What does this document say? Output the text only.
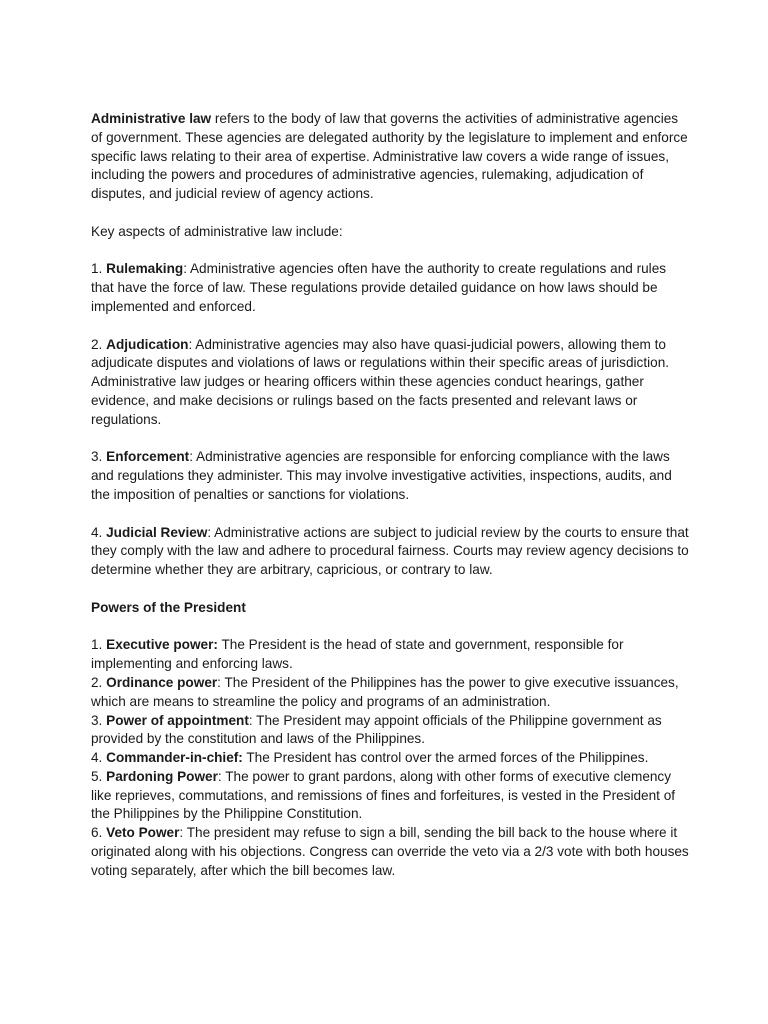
Administrative law refers to the body of law that governs the activities of administrative agencies of government. These agencies are delegated authority by the legislature to implement and enforce specific laws relating to their area of expertise. Administrative law covers a wide range of issues, including the powers and procedures of administrative agencies, rulemaking, adjudication of disputes, and judicial review of agency actions.

Key aspects of administrative law include:

1. Rulemaking: Administrative agencies often have the authority to create regulations and rules that have the force of law. These regulations provide detailed guidance on how laws should be implemented and enforced.

2. Adjudication: Administrative agencies may also have quasi-judicial powers, allowing them to adjudicate disputes and violations of laws or regulations within their specific areas of jurisdiction. Administrative law judges or hearing officers within these agencies conduct hearings, gather evidence, and make decisions or rulings based on the facts presented and relevant laws or regulations.

3. Enforcement: Administrative agencies are responsible for enforcing compliance with the laws and regulations they administer. This may involve investigative activities, inspections, audits, and the imposition of penalties or sanctions for violations.

4. Judicial Review: Administrative actions are subject to judicial review by the courts to ensure that they comply with the law and adhere to procedural fairness. Courts may review agency decisions to determine whether they are arbitrary, capricious, or contrary to law.

Powers of the President

1. Executive power: The President is the head of state and government, responsible for implementing and enforcing laws.

2. Ordinance power: The President of the Philippines has the power to give executive issuances, which are means to streamline the policy and programs of an administration.

3. Power of appointment: The President may appoint officials of the Philippine government as provided by the constitution and laws of the Philippines.

4. Commander-in-chief: The President has control over the armed forces of the Philippines.

5. Pardoning Power: The power to grant pardons, along with other forms of executive clemency like reprieves, commutations, and remissions of fines and forfeitures, is vested in the President of the Philippines by the Philippine Constitution.

6. Veto Power: The president may refuse to sign a bill, sending the bill back to the house where it originated along with his objections. Congress can override the veto via a 2/3 vote with both houses voting separately, after which the bill becomes law.
